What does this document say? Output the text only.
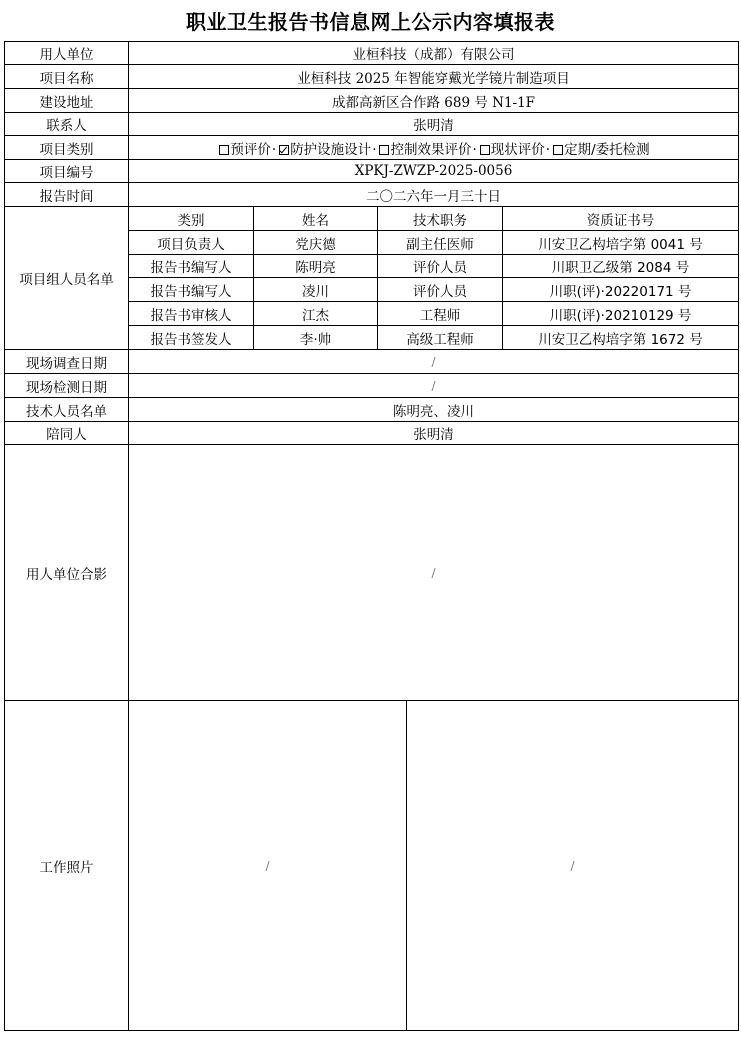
职业卫生报告书信息网上公示内容填报表
用人单位	业桓科技（成都）有限公司				
项目名称	业桓科技 2025 年智能穿戴光学镜片制造项目				
建设地址	成都高新区合作路 689 号 N1-1F				
联系人	张明清				
项目类别	预评价· 防护设施设计· 控制效果评价· 现状评价· 定期/委托检测				
项目编号	XPKJ-ZWZP-2025-0056				
报告时间	二〇二六年一月三十日				
项目组人员名单	类别	姓名	技术职务		资质证书号
	项目负责人	党庆德	副主任医师		川安卫乙构培字第 0041 号
	报告书编写人	陈明亮	评价人员		川职卫乙级第 2084 号
	报告书编写人	凌川	评价人员		川职(评)·20220171 号
	报告书审核人	江杰	工程师		川职(评)·20210129 号
	报告书签发人	李·帅	高级工程师		川安卫乙构培字第 1672 号
现场调查日期	/				
现场检测日期	/				
技术人员名单	陈明亮、凌川				
陪同人	张明清				
用人单位合影	/				
工作照片	/			/	
